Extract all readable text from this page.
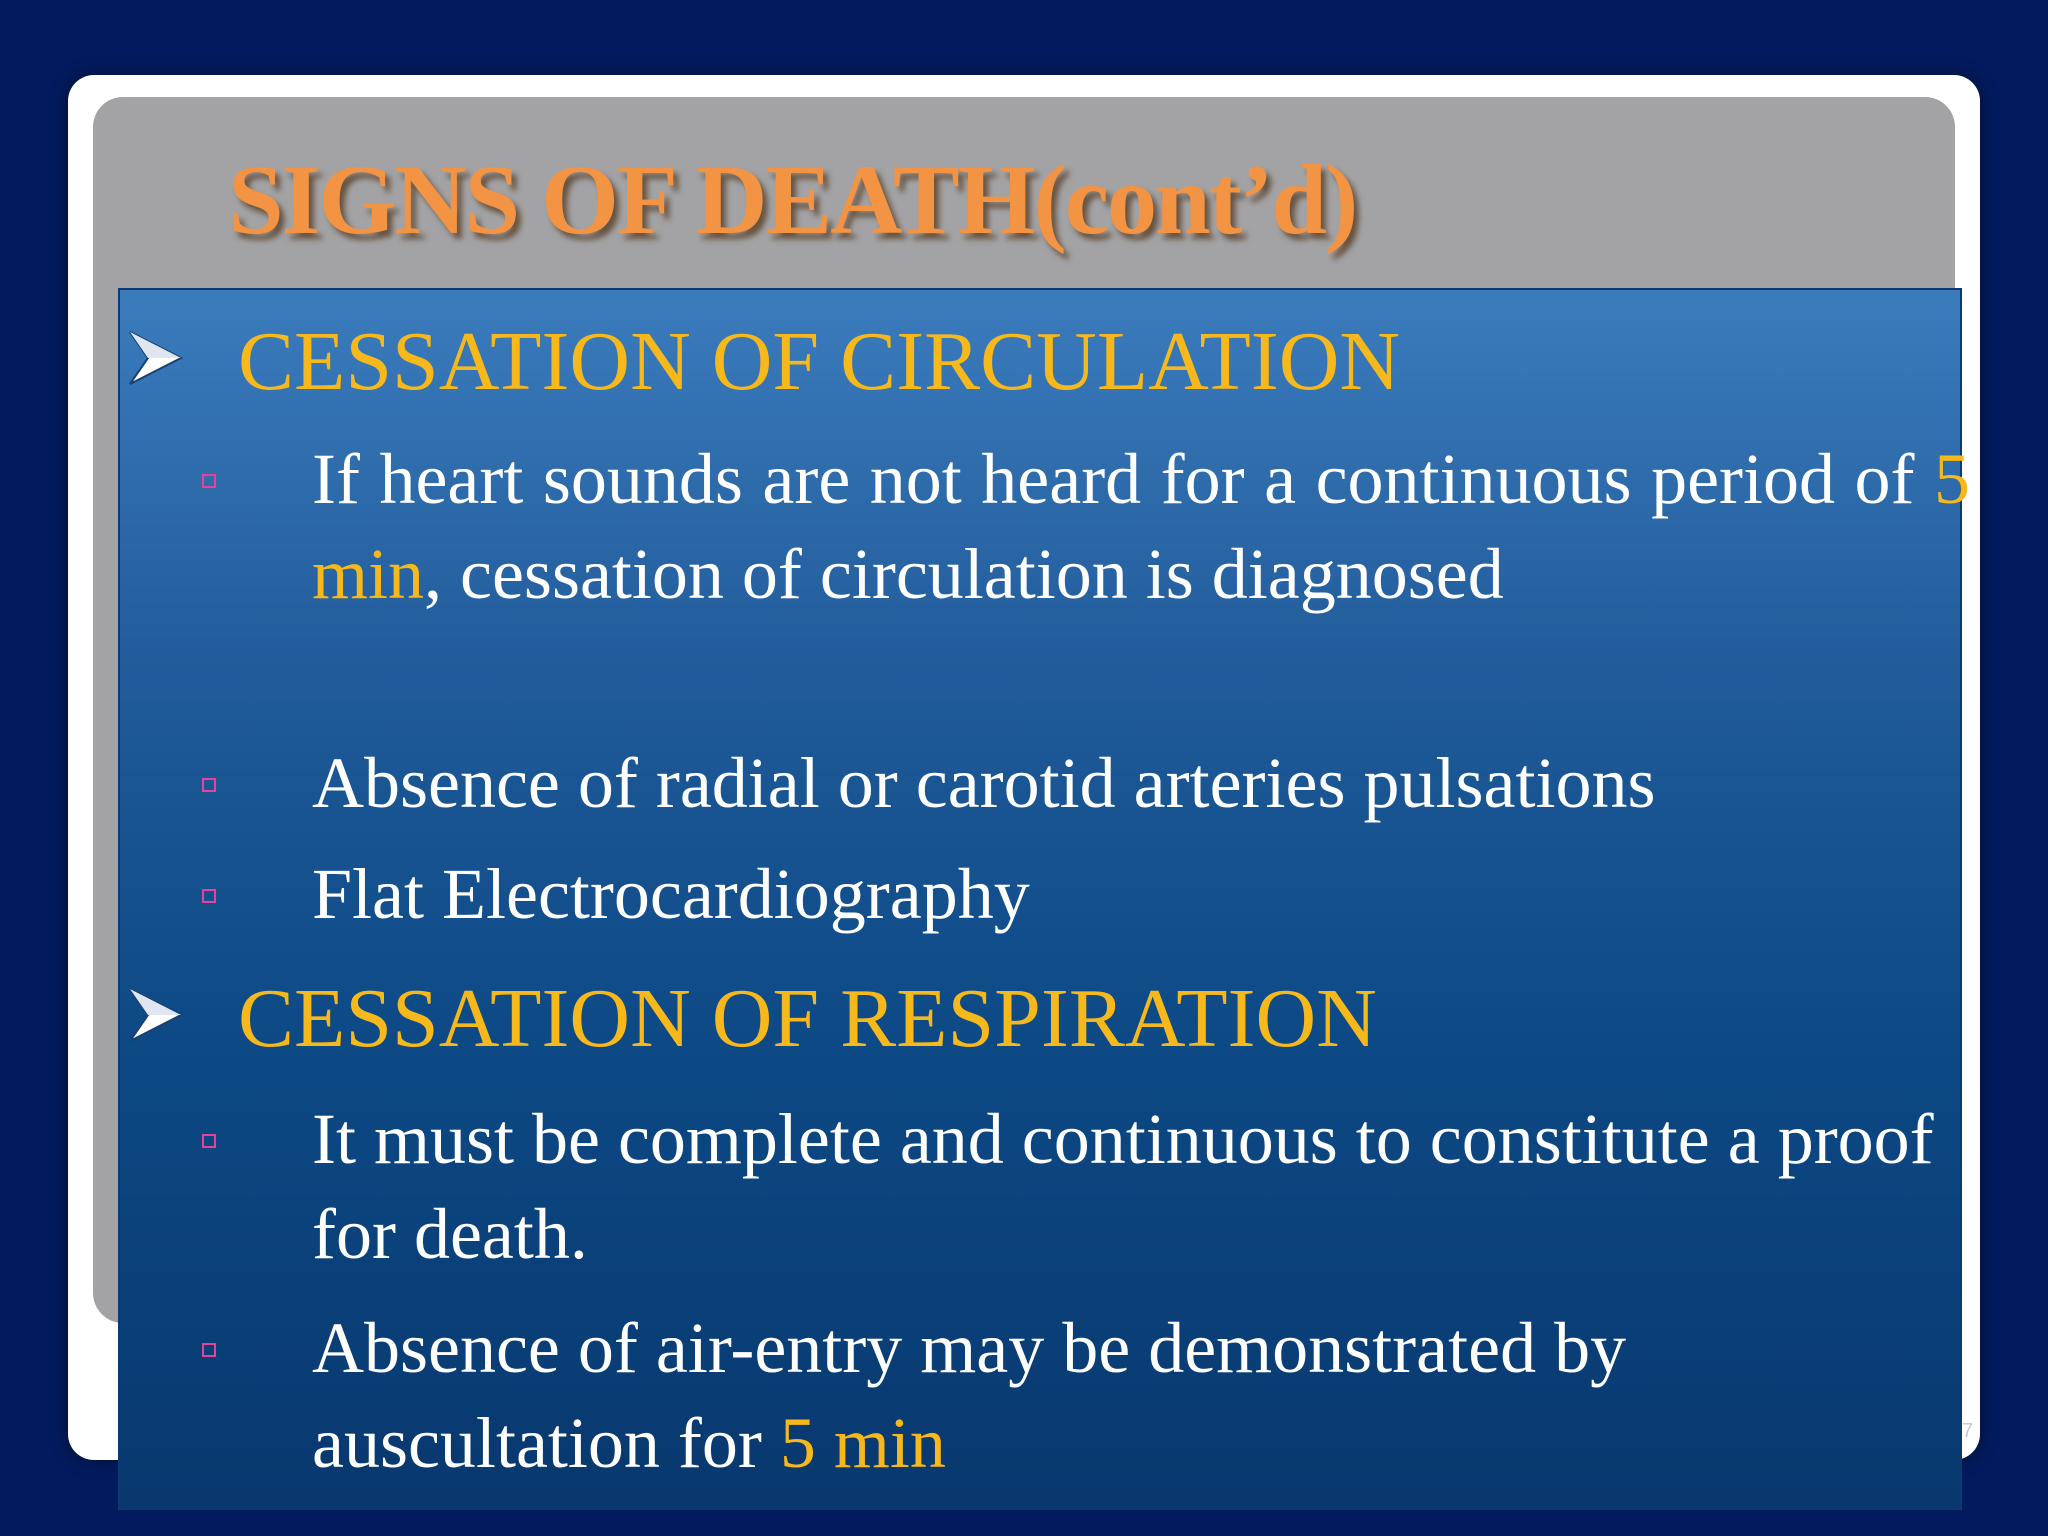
SIGNS OF DEATH(cont’d)
CESSATION OF CIRCULATION

If heart sounds are not heard for a continuous period of 5 min, cessation of circulation is diagnosed

Absence of radial or carotid arteries pulsations

Flat Electrocardiography

CESSATION OF RESPIRATION

It must be complete and continuous to constitute a proof for death.

Absence of air-entry may be demonstrated by auscultation for 5 min	7
